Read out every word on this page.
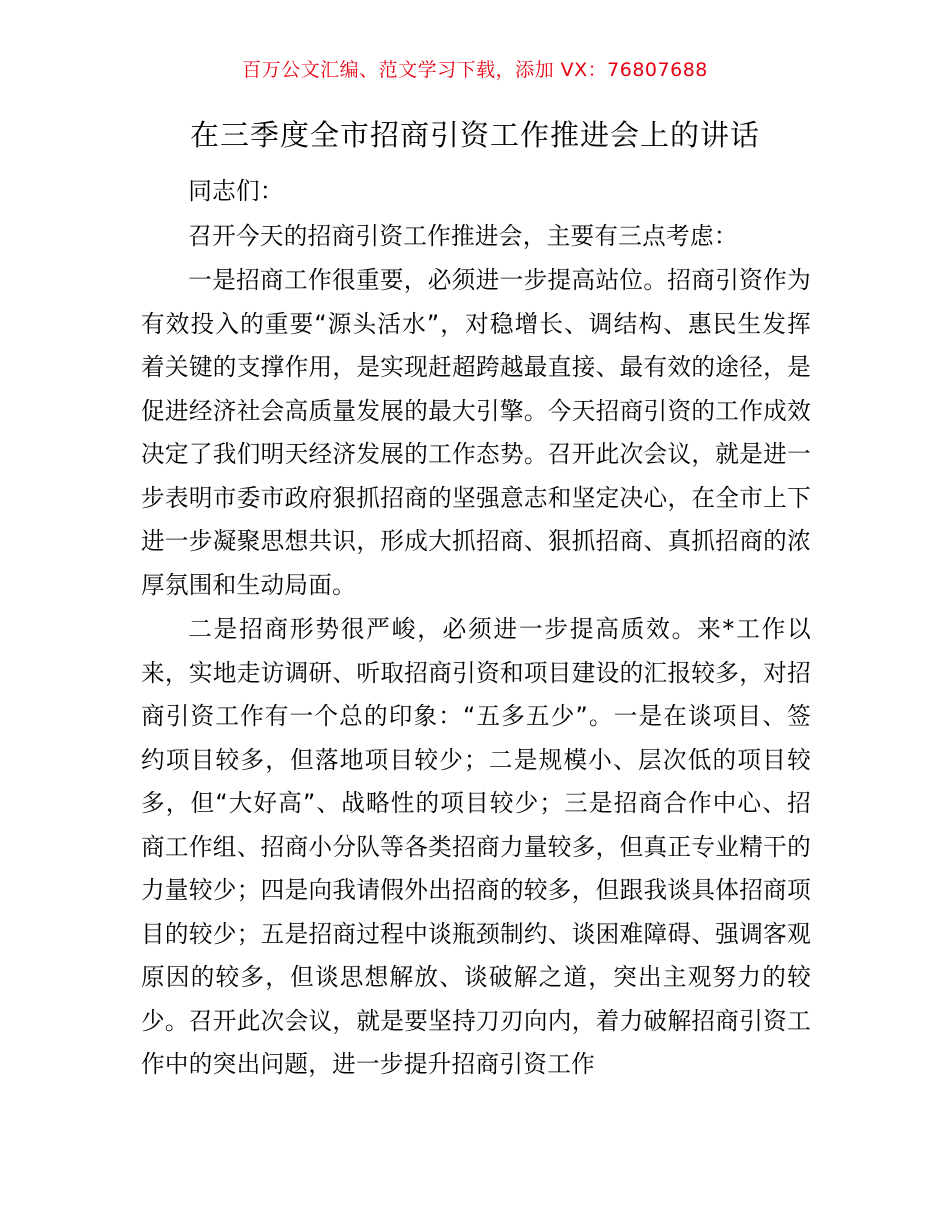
百万公文汇编、范文学习下载，添加 VX：76807688
在三季度全市招商引资工作推进会上的讲话

同志们：

召开今天的招商引资工作推进会，主要有三点考虑：

一是招商工作很重要，必须进一步提高站位。招商引资作为有效投入的重要“源头活水”，对稳增长、调结构、惠民生发挥着关键的支撑作用，是实现赶超跨越最直接、最有效的途径，是促进经济社会高质量发展的最大引擎。今天招商引资的工作成效决定了我们明天经济发展的工作态势。召开此次会议，就是进一步表明市委市政府狠抓招商的坚强意志和坚定决心，在全市上下进一步凝聚思想共识，形成大抓招商、狠抓招商、真抓招商的浓厚氛围和生动局面。

二是招商形势很严峻，必须进一步提高质效。来*工作以来，实地走访调研、听取招商引资和项目建设的汇报较多，对招商引资工作有一个总的印象：“五多五少”。一是在谈项目、签约项目较多，但落地项目较少；二是规模小、层次低的项目较多，但“大好高”、战略性的项目较少；三是招商合作中心、招商工作组、招商小分队等各类招商力量较多，但真正专业精干的力量较少；四是向我请假外出招商的较多，但跟我谈具体招商项目的较少；五是招商过程中谈瓶颈制约、谈困难障碍、强调客观原因的较多，但谈思想解放、谈破解之道，突出主观努力的较少。召开此次会议，就是要坚持刀刃向内，着力破解招商引资工作中的突出问题，进一步提升招商引资工作
